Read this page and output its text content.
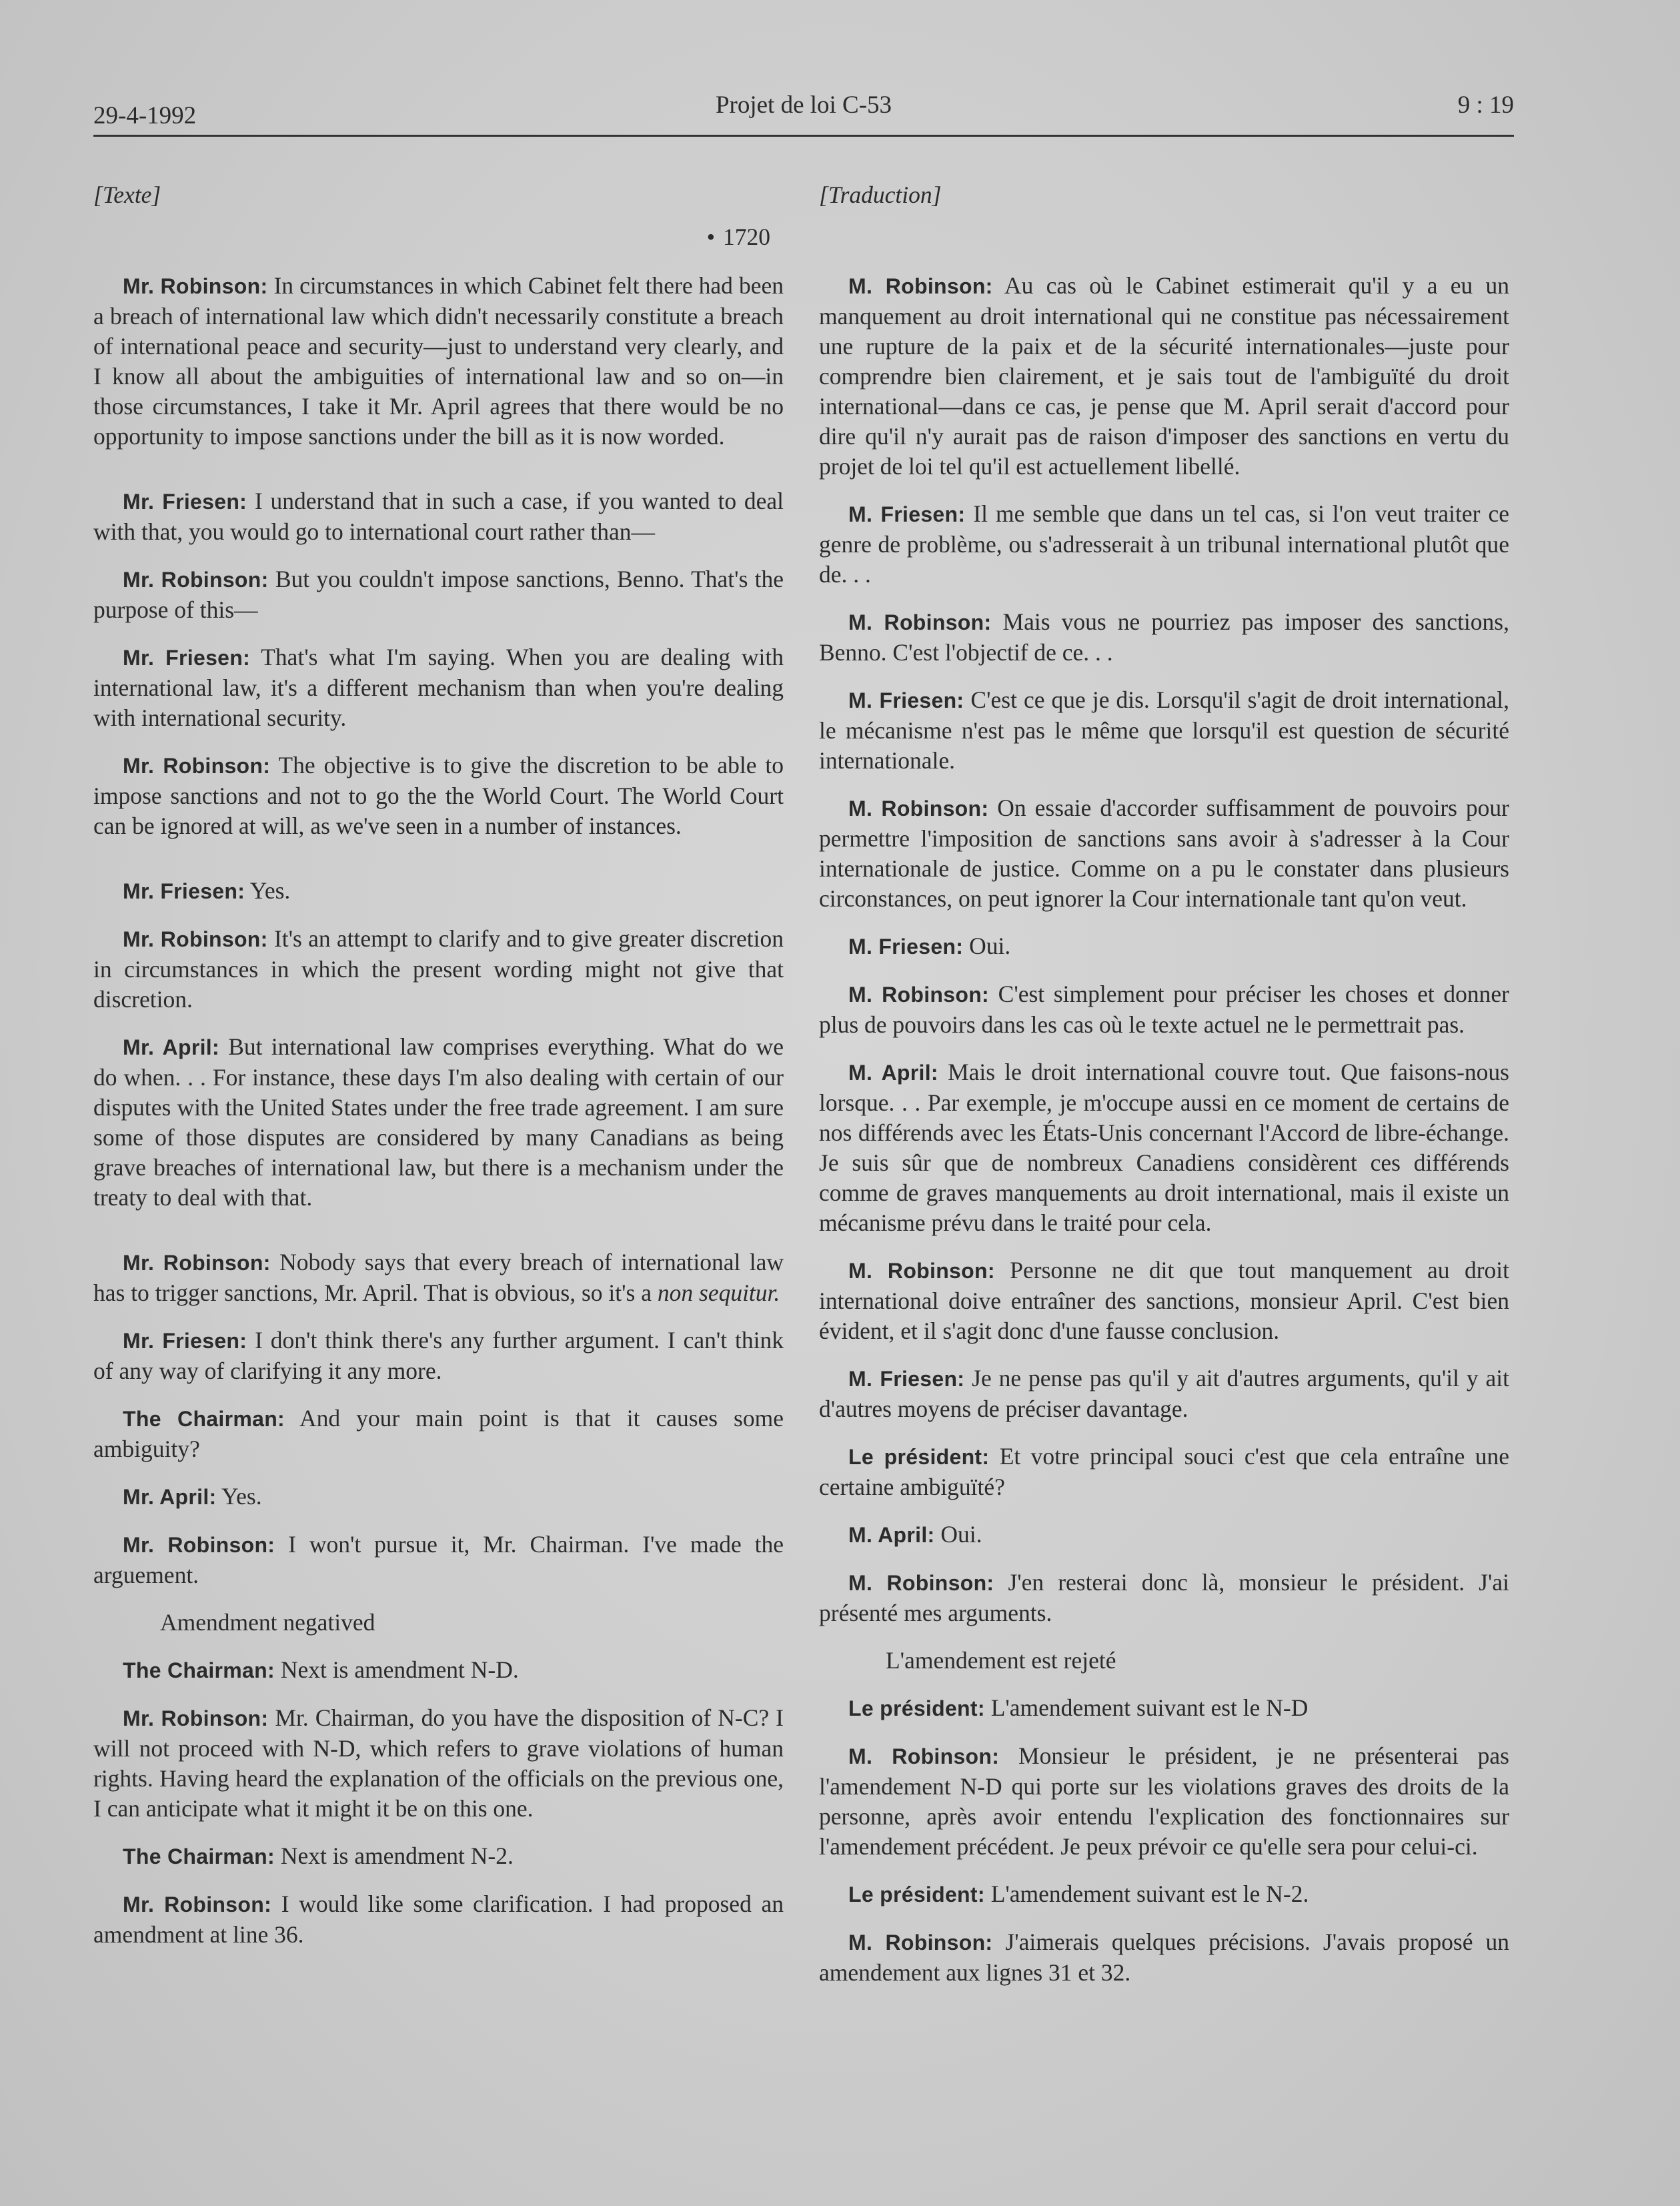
29-4-1992	Projet de loi C-53	9 : 19
[Texte]
• 1720

Mr. Robinson: In circumstances in which Cabinet felt there had been a breach of international law which didn't necessarily constitute a breach of international peace and security—just to understand very clearly, and I know all about the ambiguities of international law and so on—in those circumstances, I take it Mr. April agrees that there would be no opportunity to impose sanctions under the bill as it is now worded.

Mr. Friesen: I understand that in such a case, if you wanted to deal with that, you would go to international court rather than—

Mr. Robinson: But you couldn't impose sanctions, Benno. That's the purpose of this—

Mr. Friesen: That's what I'm saying. When you are dealing with international law, it's a different mechanism than when you're dealing with international security.

Mr. Robinson: The objective is to give the discretion to be able to impose sanctions and not to go the the World Court. The World Court can be ignored at will, as we've seen in a number of instances.

Mr. Friesen: Yes.

Mr. Robinson: It's an attempt to clarify and to give greater discretion in circumstances in which the present wording might not give that discretion.

Mr. April: But international law comprises everything. What do we do when. . . For instance, these days I'm also dealing with certain of our disputes with the United States under the free trade agreement. I am sure some of those disputes are considered by many Canadians as being grave breaches of international law, but there is a mechanism under the treaty to deal with that.

Mr. Robinson: Nobody says that every breach of international law has to trigger sanctions, Mr. April. That is obvious, so it's a non sequitur.

Mr. Friesen: I don't think there's any further argument. I can't think of any way of clarifying it any more.

The Chairman: And your main point is that it causes some ambiguity?

Mr. April: Yes.

Mr. Robinson: I won't pursue it, Mr. Chairman. I've made the arguement.

Amendment negatived

The Chairman: Next is amendment N-D.

Mr. Robinson: Mr. Chairman, do you have the disposition of N-C? I will not proceed with N-D, which refers to grave violations of human rights. Having heard the explanation of the officials on the previous one, I can anticipate what it might it be on this one.

The Chairman: Next is amendment N-2.

Mr. Robinson: I would like some clarification. I had proposed an amendment at line 36.

[Traduction]

M. Robinson: Au cas où le Cabinet estimerait qu'il y a eu un manquement au droit international qui ne constitue pas nécessairement une rupture de la paix et de la sécurité internationales—juste pour comprendre bien clairement, et je sais tout de l'ambiguïté du droit international—dans ce cas, je pense que M. April serait d'accord pour dire qu'il n'y aurait pas de raison d'imposer des sanctions en vertu du projet de loi tel qu'il est actuellement libellé.

M. Friesen: Il me semble que dans un tel cas, si l'on veut traiter ce genre de problème, ou s'adresserait à un tribunal international plutôt que de. . .

M. Robinson: Mais vous ne pourriez pas imposer des sanctions, Benno. C'est l'objectif de ce. . .

M. Friesen: C'est ce que je dis. Lorsqu'il s'agit de droit international, le mécanisme n'est pas le même que lorsqu'il est question de sécurité internationale.

M. Robinson: On essaie d'accorder suffisamment de pouvoirs pour permettre l'imposition de sanctions sans avoir à s'adresser à la Cour internationale de justice. Comme on a pu le constater dans plusieurs circonstances, on peut ignorer la Cour internationale tant qu'on veut.

M. Friesen: Oui.

M. Robinson: C'est simplement pour préciser les choses et donner plus de pouvoirs dans les cas où le texte actuel ne le permettrait pas.

M. April: Mais le droit international couvre tout. Que faisons-nous lorsque. . . Par exemple, je m'occupe aussi en ce moment de certains de nos différends avec les États-Unis concernant l'Accord de libre-échange. Je suis sûr que de nombreux Canadiens considèrent ces différends comme de graves manquements au droit international, mais il existe un mécanisme prévu dans le traité pour cela.

M. Robinson: Personne ne dit que tout manquement au droit international doive entraîner des sanctions, monsieur April. C'est bien évident, et il s'agit donc d'une fausse conclusion.

M. Friesen: Je ne pense pas qu'il y ait d'autres arguments, qu'il y ait d'autres moyens de préciser davantage.

Le président: Et votre principal souci c'est que cela entraîne une certaine ambiguïté?

M. April: Oui.

M. Robinson: J'en resterai donc là, monsieur le président. J'ai présenté mes arguments.

L'amendement est rejeté

Le président: L'amendement suivant est le N-D

M. Robinson: Monsieur le président, je ne présenterai pas l'amendement N-D qui porte sur les violations graves des droits de la personne, après avoir entendu l'explication des fonctionnaires sur l'amendement précédent. Je peux prévoir ce qu'elle sera pour celui-ci.

Le président: L'amendement suivant est le N-2.

M. Robinson: J'aimerais quelques précisions. J'avais proposé un amendement aux lignes 31 et 32.
